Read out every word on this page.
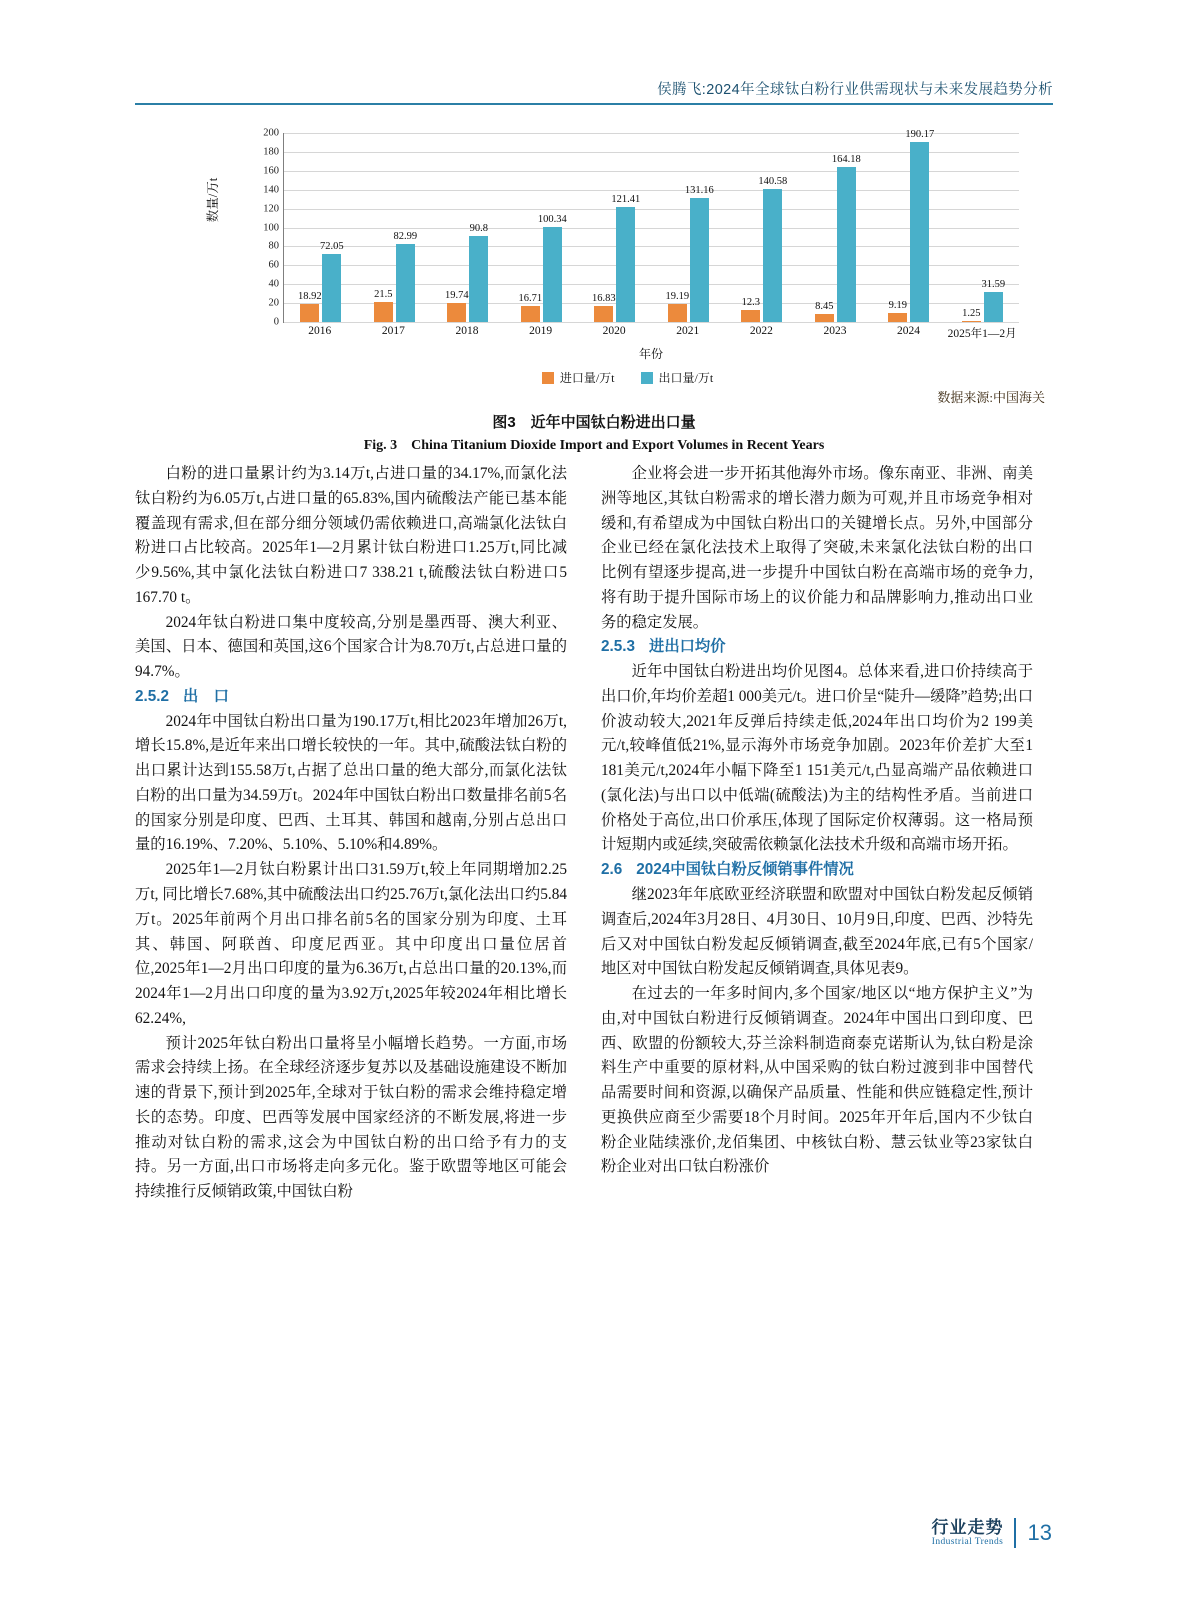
侯腾飞:2024年全球钛白粉行业供需现状与未来发展趋势分析
数量/万t
0
20
40
60
80
100
120
140
160
180
200
18.92
72.05
21.5
82.99
19.74
90.8
16.71
100.34
16.83
121.41
19.19
131.16
12.3
140.58
8.45
164.18
9.19
190.17
1.25
31.59
2016	2017	2018	2019	2020	2021	2022	2023	2024	2025年1—2月
年份
进口量/万t	出口量/万t
数据来源:中国海关
图3　近年中国钛白粉进出口量
Fig. 3　China Titanium Dioxide Import and Export Volumes in Recent Years

白粉的进口量累计约为3.14万t,占进口量的34.17%,而氯化法钛白粉约为6.05万t,占进口量的65.83%,国内硫酸法产能已基本能覆盖现有需求,但在部分细分领域仍需依赖进口,高端氯化法钛白粉进口占比较高。2025年1—2月累计钛白粉进口1.25万t,同比减少9.56%,其中氯化法钛白粉进口7 338.21 t,硫酸法钛白粉进口5 167.70 t。

2024年钛白粉进口集中度较高,分别是墨西哥、澳大利亚、美国、日本、德国和英国,这6个国家合计为8.70万t,占总进口量的94.7%。

2.5.2 出　口

2024年中国钛白粉出口量为190.17万t,相比2023年增加26万t,增长15.8%,是近年来出口增长较快的一年。其中,硫酸法钛白粉的出口累计达到155.58万t,占据了总出口量的绝大部分,而氯化法钛白粉的出口量为34.59万t。2024年中国钛白粉出口数量排名前5名的国家分别是印度、巴西、土耳其、韩国和越南,分别占总出口量的16.19%、7.20%、5.10%、5.10%和4.89%。

2025年1—2月钛白粉累计出口31.59万t,较上年同期增加2.25万t, 同比增长7.68%,其中硫酸法出口约25.76万t,氯化法出口约5.84万t。2025年前两个月出口排名前5名的国家分别为印度、土耳其、韩国、阿联酋、印度尼西亚。其中印度出口量位居首位,2025年1—2月出口印度的量为6.36万t,占总出口量的20.13%,而2024年1—2月出口印度的量为3.92万t,2025年较2024年相比增长62.24%,

预计2025年钛白粉出口量将呈小幅增长趋势。一方面,市场需求会持续上扬。在全球经济逐步复苏以及基础设施建设不断加速的背景下,预计到2025年,全球对于钛白粉的需求会维持稳定增长的态势。印度、巴西等发展中国家经济的不断发展,将进一步推动对钛白粉的需求,这会为中国钛白粉的出口给予有力的支持。另一方面,出口市场将走向多元化。鉴于欧盟等地区可能会持续推行反倾销政策,中国钛白粉

企业将会进一步开拓其他海外市场。像东南亚、非洲、南美洲等地区,其钛白粉需求的增长潜力颇为可观,并且市场竞争相对缓和,有希望成为中国钛白粉出口的关键增长点。另外,中国部分企业已经在氯化法技术上取得了突破,未来氯化法钛白粉的出口比例有望逐步提高,进一步提升中国钛白粉在高端市场的竞争力,将有助于提升国际市场上的议价能力和品牌影响力,推动出口业务的稳定发展。

2.5.3 进出口均价

近年中国钛白粉进出均价见图4。总体来看,进口价持续高于出口价,年均价差超1 000美元/t。进口价呈“陡升—缓降”趋势;出口价波动较大,2021年反弹后持续走低,2024年出口均价为2 199美元/t,较峰值低21%,显示海外市场竞争加剧。2023年价差扩大至1 181美元/t,2024年小幅下降至1 151美元/t,凸显高端产品依赖进口(氯化法)与出口以中低端(硫酸法)为主的结构性矛盾。当前进口价格处于高位,出口价承压,体现了国际定价权薄弱。这一格局预计短期内或延续,突破需依赖氯化法技术升级和高端市场开拓。

2.6 2024中国钛白粉反倾销事件情况

继2023年年底欧亚经济联盟和欧盟对中国钛白粉发起反倾销调查后,2024年3月28日、4月30日、10月9日,印度、巴西、沙特先后又对中国钛白粉发起反倾销调查,截至2024年底,已有5个国家/地区对中国钛白粉发起反倾销调查,具体见表9。

在过去的一年多时间内,多个国家/地区以“地方保护主义”为由,对中国钛白粉进行反倾销调查。2024年中国出口到印度、巴西、欧盟的份额较大,芬兰涂料制造商泰克诺斯认为,钛白粉是涂料生产中重要的原材料,从中国采购的钛白粉过渡到非中国替代品需要时间和资源,以确保产品质量、性能和供应链稳定性,预计更换供应商至少需要18个月时间。2025年开年后,国内不少钛白粉企业陆续涨价,龙佰集团、中核钛白粉、慧云钛业等23家钛白粉企业对出口钛白粉涨价

行业走势
Industrial Trends 13
